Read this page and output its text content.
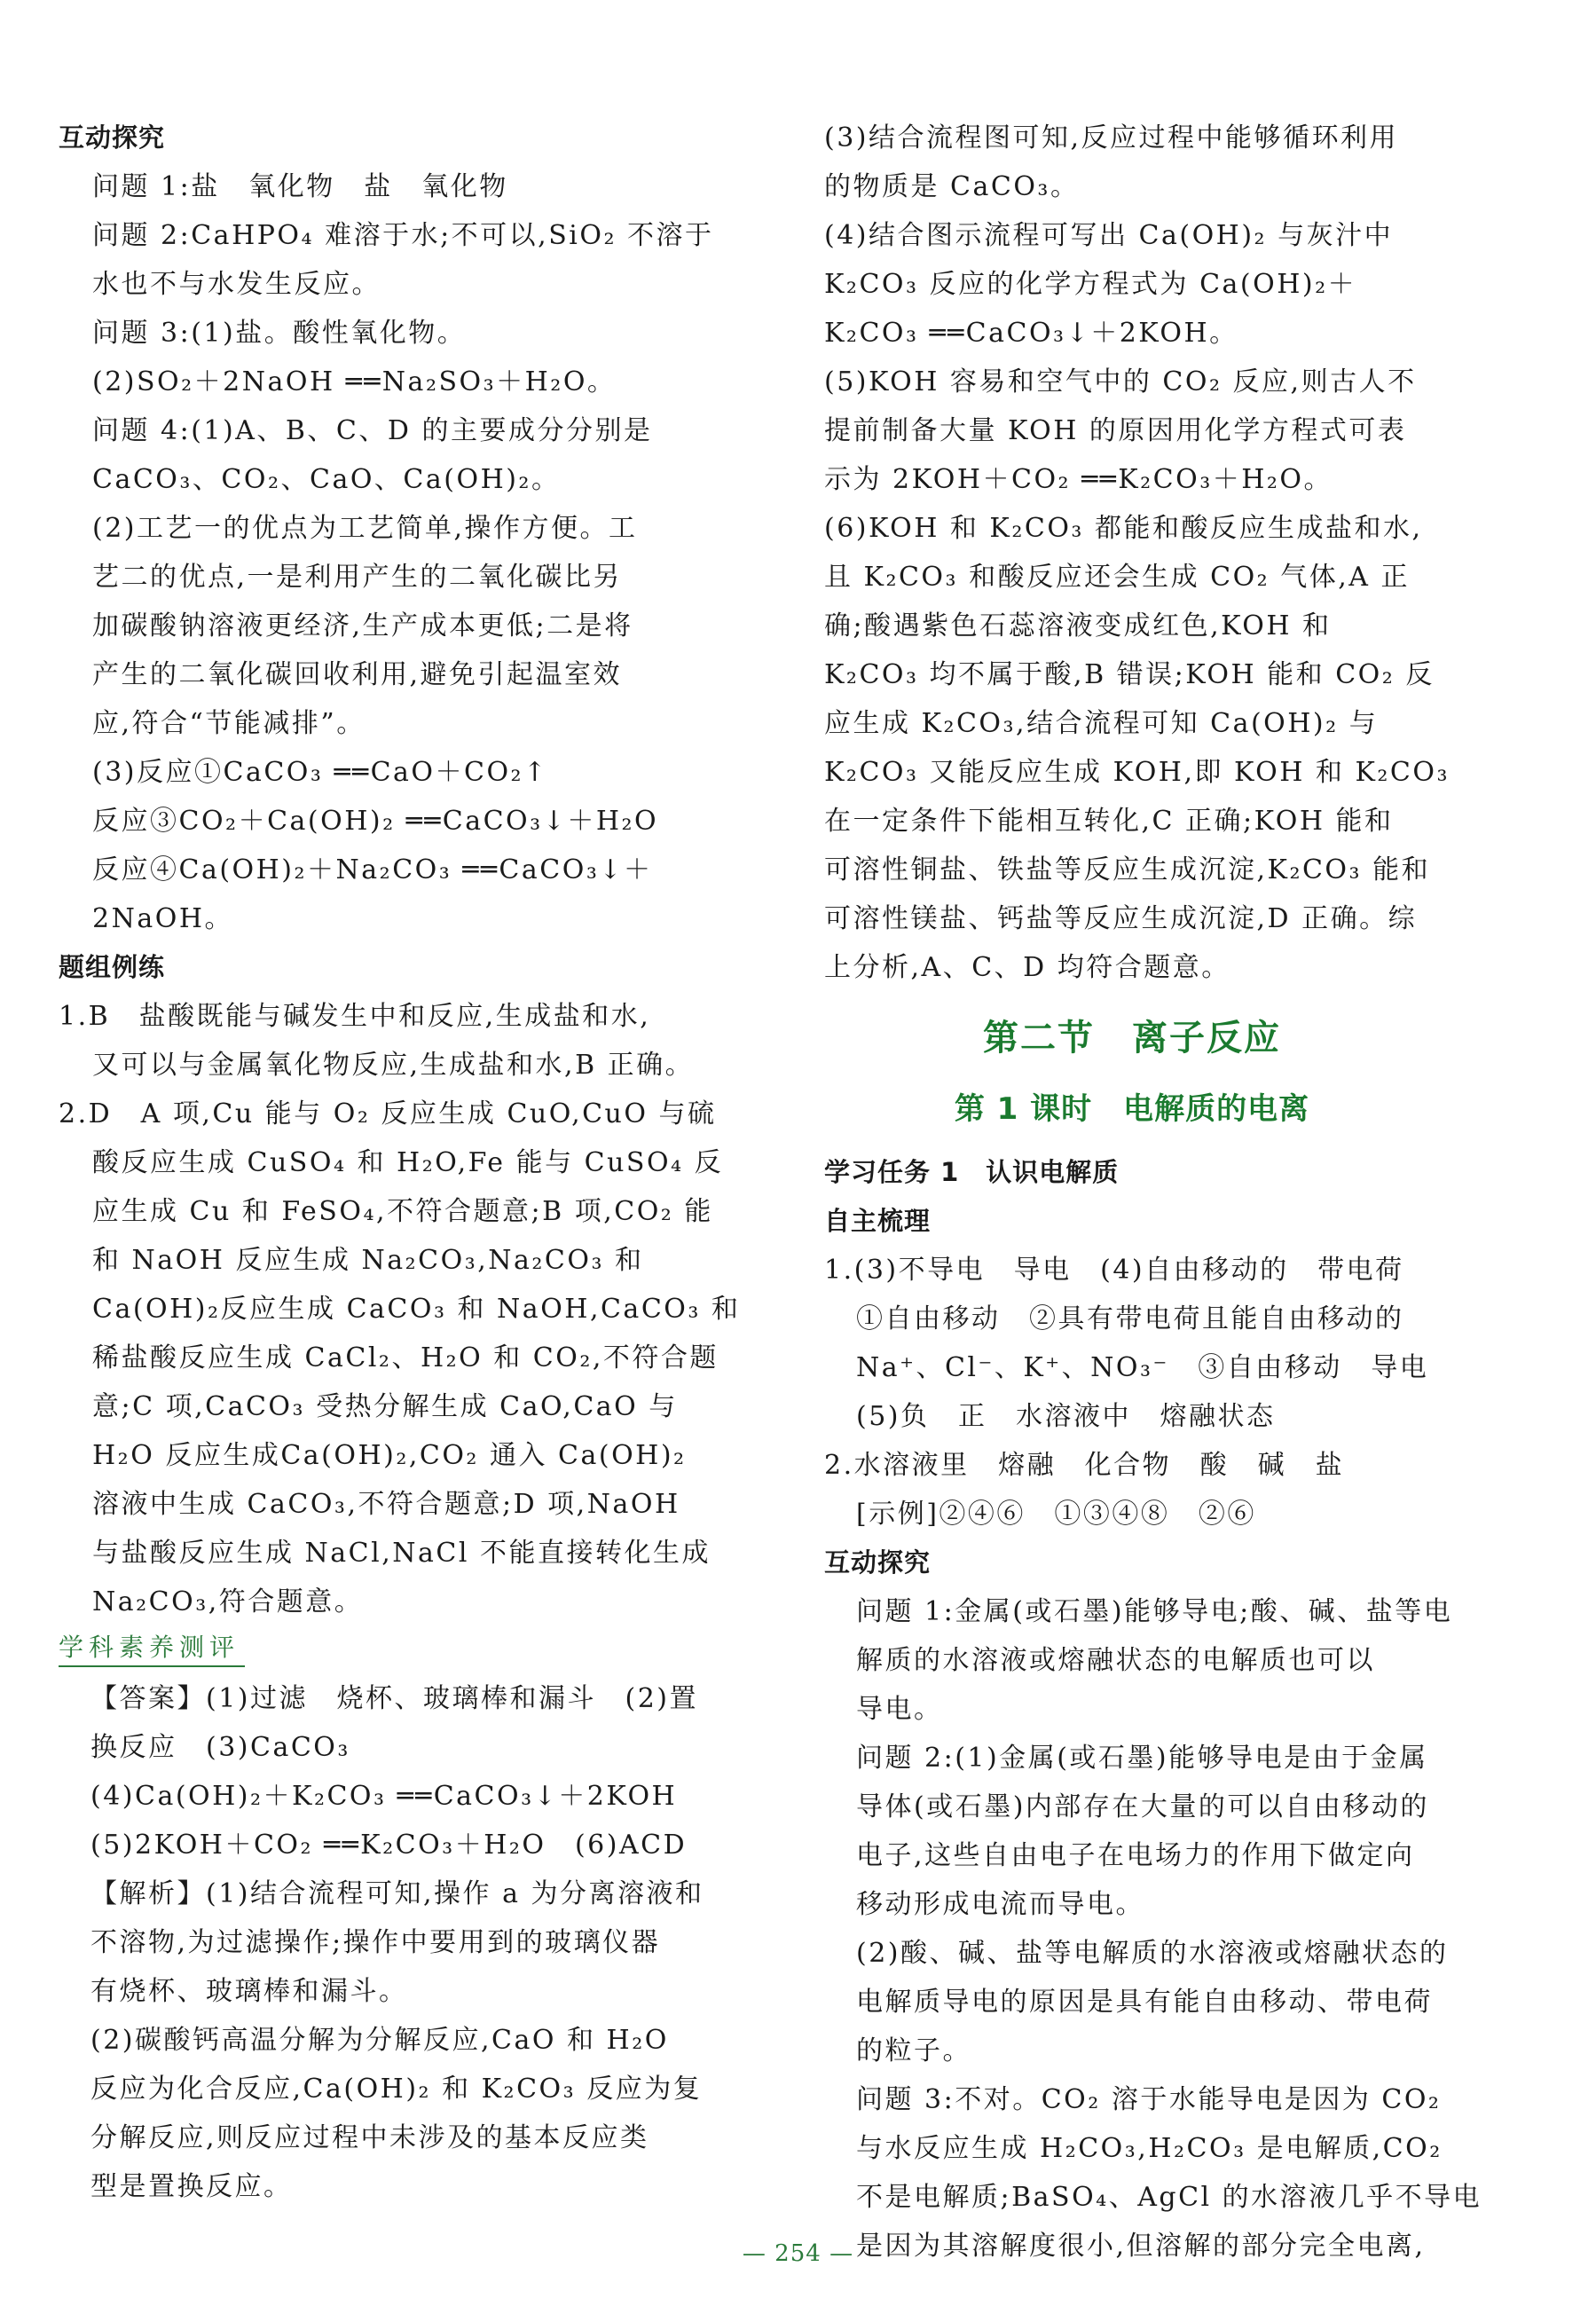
互动探究

问题 1:盐　氧化物　盐　氧化物

问题 2:CaHPO₄ 难溶于水;不可以,SiO₂ 不溶于

水也不与水发生反应。

问题 3:(1)盐。酸性氧化物。

(2)SO₂＋2NaOH ══Na₂SO₃＋H₂O。

问题 4:(1)A、B、C、D 的主要成分分别是

CaCO₃、CO₂、CaO、Ca(OH)₂。

(2)工艺一的优点为工艺简单,操作方便。工

艺二的优点,一是利用产生的二氧化碳比另

加碳酸钠溶液更经济,生产成本更低;二是将

产生的二氧化碳回收利用,避免引起温室效

应,符合“节能减排”。

(3)反应①CaCO₃ ══CaO＋CO₂↑

反应③CO₂＋Ca(OH)₂ ══CaCO₃↓＋H₂O

反应④Ca(OH)₂＋Na₂CO₃ ══CaCO₃↓＋

2NaOH。

题组例练

1.B　盐酸既能与碱发生中和反应,生成盐和水,

又可以与金属氧化物反应,生成盐和水,B 正确。

2.D　A 项,Cu 能与 O₂ 反应生成 CuO,CuO 与硫

酸反应生成 CuSO₄ 和 H₂O,Fe 能与 CuSO₄ 反

应生成 Cu 和 FeSO₄,不符合题意;B 项,CO₂ 能

和 NaOH 反应生成 Na₂CO₃,Na₂CO₃ 和

Ca(OH)₂反应生成 CaCO₃ 和 NaOH,CaCO₃ 和

稀盐酸反应生成 CaCl₂、H₂O 和 CO₂,不符合题

意;C 项,CaCO₃ 受热分解生成 CaO,CaO 与

H₂O 反应生成Ca(OH)₂,CO₂ 通入 Ca(OH)₂

溶液中生成 CaCO₃,不符合题意;D 项,NaOH

与盐酸反应生成 NaCl,NaCl 不能直接转化生成

Na₂CO₃,符合题意。

学科素养测评

【答案】(1)过滤　烧杯、玻璃棒和漏斗　(2)置

换反应　(3)CaCO₃

(4)Ca(OH)₂＋K₂CO₃ ══CaCO₃↓＋2KOH

(5)2KOH＋CO₂ ══K₂CO₃＋H₂O　(6)ACD

【解析】(1)结合流程可知,操作 a 为分离溶液和

不溶物,为过滤操作;操作中要用到的玻璃仪器

有烧杯、玻璃棒和漏斗。

(2)碳酸钙高温分解为分解反应,CaO 和 H₂O

反应为化合反应,Ca(OH)₂ 和 K₂CO₃ 反应为复

分解反应,则反应过程中未涉及的基本反应类

型是置换反应。

(3)结合流程图可知,反应过程中能够循环利用

的物质是 CaCO₃。

(4)结合图示流程可写出 Ca(OH)₂ 与灰汁中

K₂CO₃ 反应的化学方程式为 Ca(OH)₂＋

K₂CO₃ ══CaCO₃↓＋2KOH。

(5)KOH 容易和空气中的 CO₂ 反应,则古人不

提前制备大量 KOH 的原因用化学方程式可表

示为 2KOH＋CO₂ ══K₂CO₃＋H₂O。

(6)KOH 和 K₂CO₃ 都能和酸反应生成盐和水,

且 K₂CO₃ 和酸反应还会生成 CO₂ 气体,A 正

确;酸遇紫色石蕊溶液变成红色,KOH 和

K₂CO₃ 均不属于酸,B 错误;KOH 能和 CO₂ 反

应生成 K₂CO₃,结合流程可知 Ca(OH)₂ 与

K₂CO₃ 又能反应生成 KOH,即 KOH 和 K₂CO₃

在一定条件下能相互转化,C 正确;KOH 能和

可溶性铜盐、铁盐等反应生成沉淀,K₂CO₃ 能和

可溶性镁盐、钙盐等反应生成沉淀,D 正确。综

上分析,A、C、D 均符合题意。

第二节　离子反应
第 1 课时　电解质的电离

学习任务 1　认识电解质

自主梳理

1.(3)不导电　导电　(4)自由移动的　带电荷

①自由移动　②具有带电荷且能自由移动的

Na⁺、Cl⁻、K⁺、NO₃⁻　③自由移动　导电

(5)负　正　水溶液中　熔融状态

2.水溶液里　熔融　化合物　酸　碱　盐

[示例]②④⑥　①③④⑧　②⑥

互动探究

问题 1:金属(或石墨)能够导电;酸、碱、盐等电

解质的水溶液或熔融状态的电解质也可以

导电。

问题 2:(1)金属(或石墨)能够导电是由于金属

导体(或石墨)内部存在大量的可以自由移动的

电子,这些自由电子在电场力的作用下做定向

移动形成电流而导电。

(2)酸、碱、盐等电解质的水溶液或熔融状态的

电解质导电的原因是具有能自由移动、带电荷

的粒子。

问题 3:不对。CO₂ 溶于水能导电是因为 CO₂

与水反应生成 H₂CO₃,H₂CO₃ 是电解质,CO₂

不是电解质;BaSO₄、AgCl 的水溶液几乎不导电

是因为其溶解度很小,但溶解的部分完全电离,

— 254 —
